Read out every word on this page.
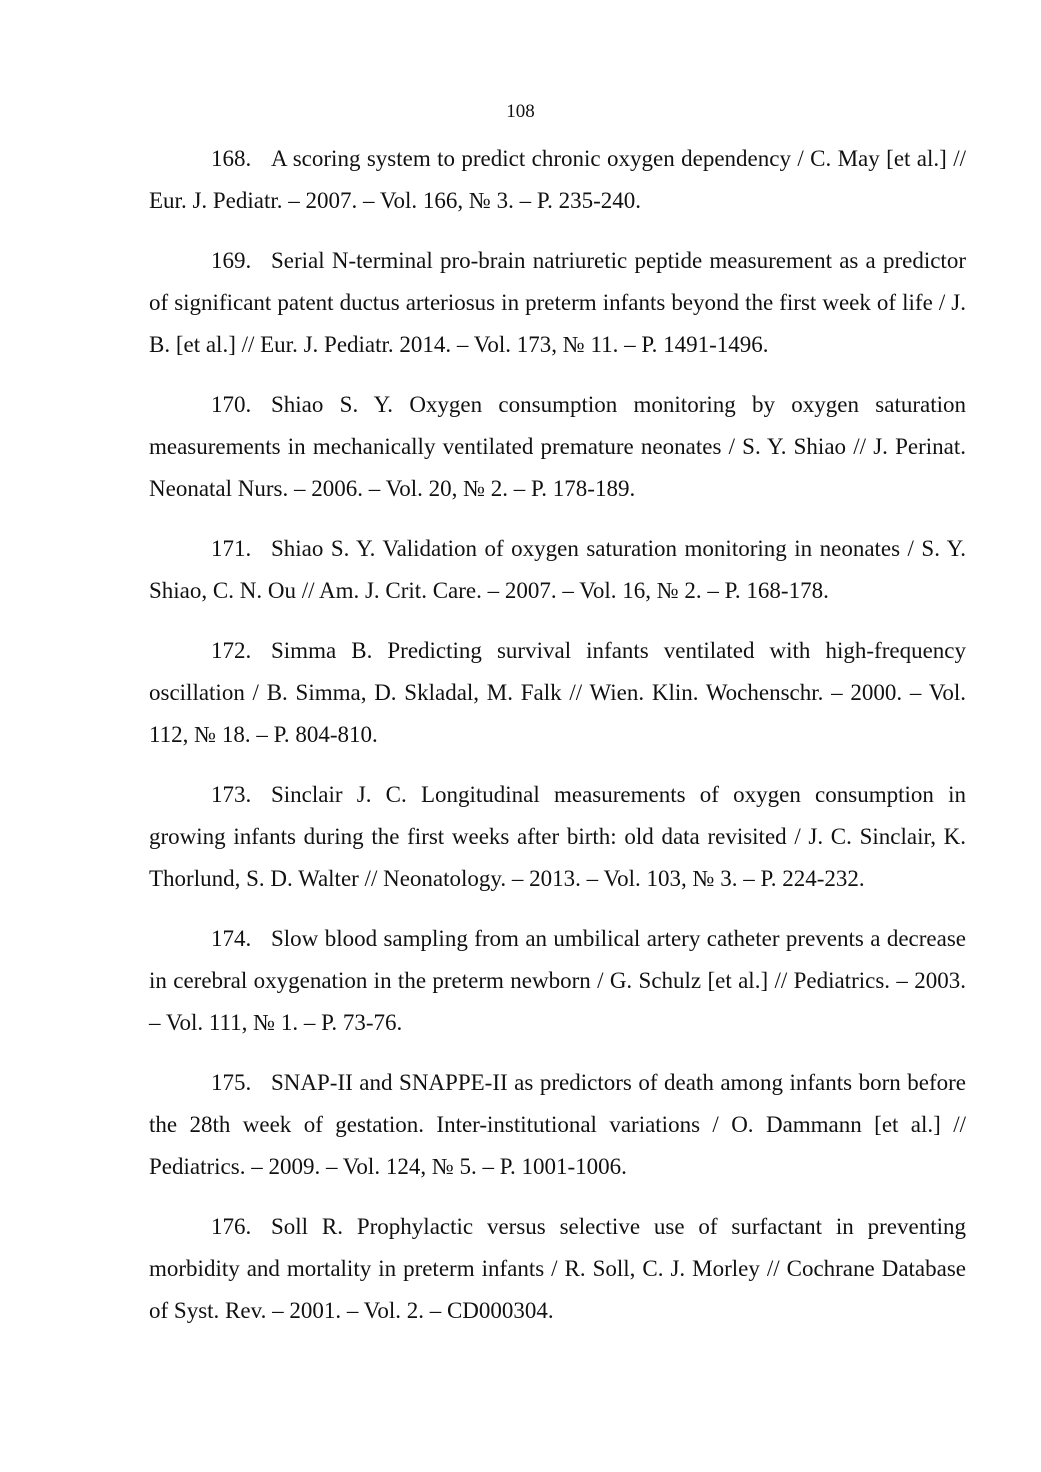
108

168. A scoring system to predict chronic oxygen dependency / C. May [et al.] // Eur. J. Pediatr. – 2007. – Vol. 166, № 3. – P. 235-240.

169. Serial N-terminal pro-brain natriuretic peptide measurement as a predictor of significant patent ductus arteriosus in preterm infants beyond the first week of life / J. B. [et al.] // Eur. J. Pediatr. 2014. – Vol. 173, № 11. – P. 1491-1496.

170. Shiao S. Y. Oxygen consumption monitoring by oxygen saturation measurements in mechanically ventilated premature neonates / S. Y. Shiao // J. Perinat. Neonatal Nurs. – 2006. – Vol. 20, № 2. – P. 178-189.

171. Shiao S. Y. Validation of oxygen saturation monitoring in neonates / S. Y. Shiao, C. N. Ou // Am. J. Crit. Care. – 2007. – Vol. 16, № 2. – P. 168-178.

172. Simma B. Predicting survival infants ventilated with high-frequency oscillation / B. Simma, D. Skladal, M. Falk // Wien. Klin. Wochenschr. – 2000. – Vol. 112, № 18. – P. 804-810.

173. Sinclair J. C. Longitudinal measurements of oxygen consumption in growing infants during the first weeks after birth: old data revisited / J. C. Sinclair, K. Thorlund, S. D. Walter // Neonatology. – 2013. – Vol. 103, № 3. – P. 224-232.

174. Slow blood sampling from an umbilical artery catheter prevents a decrease in cerebral oxygenation in the preterm newborn / G. Schulz [et al.] // Pediatrics. – 2003. – Vol. 111, № 1. – P. 73-76.

175. SNAP-II and SNAPPE-II as predictors of death among infants born before the 28th week of gestation. Inter-institutional variations / O. Dammann [et al.] // Pediatrics. – 2009. – Vol. 124, № 5. – P. 1001-1006.

176. Soll R. Prophylactic versus selective use of surfactant in preventing morbidity and mortality in preterm infants / R. Soll, C. J. Morley // Cochrane Database of Syst. Rev. – 2001. – Vol. 2. – CD000304.
